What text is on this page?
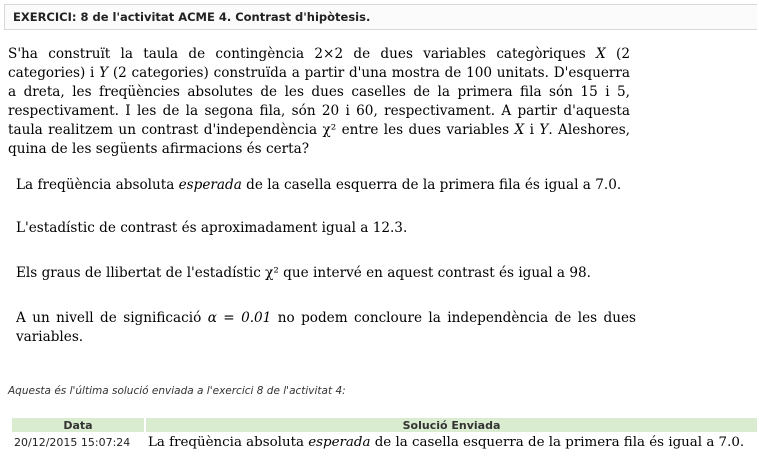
EXERCICI: 8 de l'activitat ACME 4. Contrast d'hipòtesis.
S'ha construït la taula de contingència 2×2 de dues variables categòriques X (2 categories) i Y (2 categories) construïda a partir d'una mostra de 100 unitats. D'esquerra a dreta, les freqüències absolutes de les dues caselles de la primera fila són 15 i 5, respectivament. I les de la segona fila, són 20 i 60, respectivament. A partir d'aquesta taula realitzem un contrast d'independència χ² entre les dues variables X i Y. Aleshores, quina de les següents afirmacions és certa?
La freqüència absoluta esperada de la casella esquerra de la primera fila és igual a 7.0.
L'estadístic de contrast és aproximadament igual a 12.3.
Els graus de llibertat de l'estadístic χ² que intervé en aquest contrast és igual a 98.
A un nivell de significació α = 0.01 no podem concloure la independència de les dues variables.
Aquesta és l'última solució enviada a l'exercici 8 de l'activitat 4:
Data	Solució Enviada
20/12/2015 15:07:24	La freqüència absoluta esperada de la casella esquerra de la primera fila és igual a 7.0.
